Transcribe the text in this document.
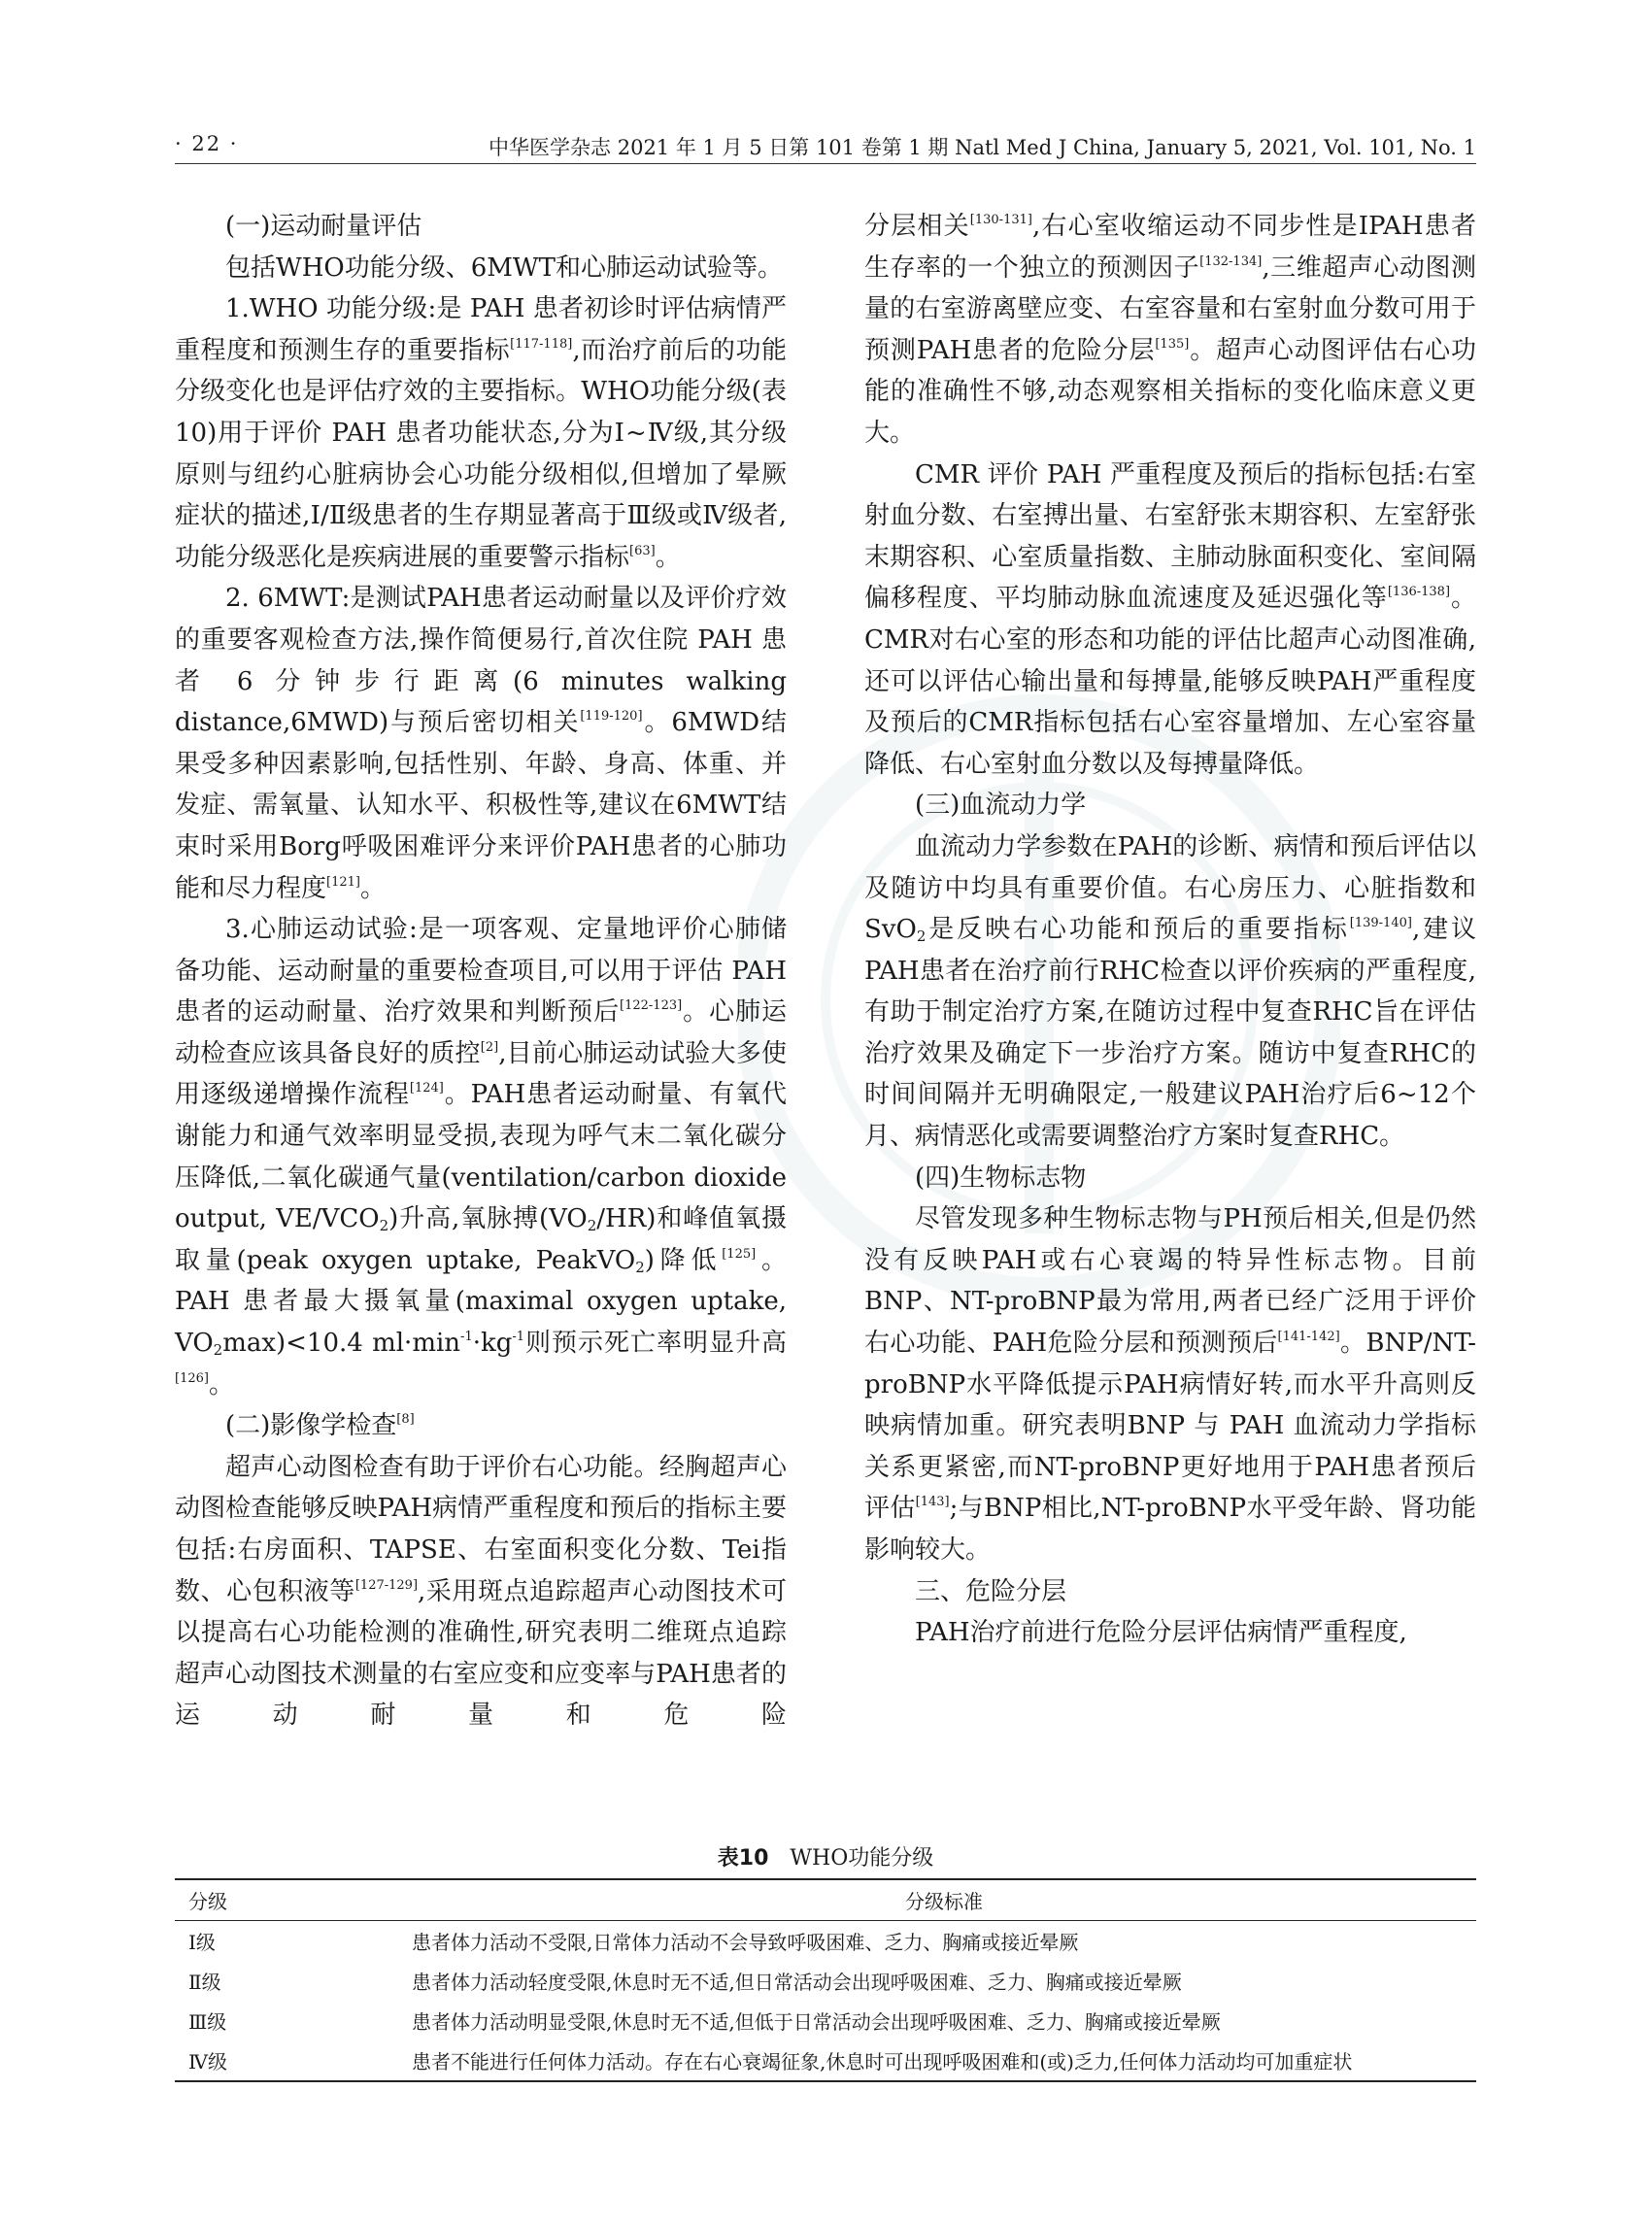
· 22 ·	中华医学杂志 2021 年 1 月 5 日第 101 卷第 1 期 Natl Med J China, January 5, 2021, Vol. 101, No. 1

(一)运动耐量评估

包括WHO功能分级、6MWT和心肺运动试验等。

1.WHO 功能分级:是 PAH 患者初诊时评估病情严重程度和预测生存的重要指标[117-118],而治疗前后的功能分级变化也是评估疗效的主要指标。WHO功能分级(表 10)用于评价 PAH 患者功能状态,分为Ⅰ~Ⅳ级,其分级原则与纽约心脏病协会心功能分级相似,但增加了晕厥症状的描述,Ⅰ/Ⅱ级患者的生存期显著高于Ⅲ级或Ⅳ级者,功能分级恶化是疾病进展的重要警示指标[63]。

2. 6MWT:是测试PAH患者运动耐量以及评价疗效的重要客观检查方法,操作简便易行,首次住院 PAH 患者 6 分钟步行距离(6 minutes walking distance,6MWD)与预后密切相关[119-120]。6MWD结果受多种因素影响,包括性别、年龄、身高、体重、并发症、需氧量、认知水平、积极性等,建议在6MWT结束时采用Borg呼吸困难评分来评价PAH患者的心肺功能和尽力程度[121]。

3.心肺运动试验:是一项客观、定量地评价心肺储备功能、运动耐量的重要检查项目,可以用于评估 PAH 患者的运动耐量、治疗效果和判断预后[122-123]。心肺运动检查应该具备良好的质控[2],目前心肺运动试验大多使用逐级递增操作流程[124]。PAH患者运动耐量、有氧代谢能力和通气效率明显受损,表现为呼气末二氧化碳分压降低,二氧化碳通气量(ventilation/carbon dioxide output, $VE/VCO_2$)升高,氧脉搏$(VO_2/HR)$和峰值氧摄取量(peak oxygen uptake, PeakVO$_2$)降低[125]。PAH 患者最大摄氧量(maximal oxygen uptake, $VO_2\max)<10.4$ $ml\cdot\min^{-1}\cdot kg^{-1}$则预示死亡率明显升高[126]。

(二)影像学检查[8]

超声心动图检查有助于评价右心功能。经胸超声心动图检查能够反映PAH病情严重程度和预后的指标主要包括:右房面积、TAPSE、右室面积变化分数、Tei指数、心包积液等[127-129],采用斑点追踪超声心动图技术可以提高右心功能检测的准确性,研究表明二维斑点追踪超声心动图技术测量的右室应变和应变率与PAH患者的运动耐量和危险

分层相关[130-131],右心室收缩运动不同步性是IPAH患者生存率的一个独立的预测因子[132-134],三维超声心动图测量的右室游离壁应变、右室容量和右室射血分数可用于预测PAH患者的危险分层[135]。超声心动图评估右心功能的准确性不够,动态观察相关指标的变化临床意义更大。

CMR 评价 PAH 严重程度及预后的指标包括:右室射血分数、右室搏出量、右室舒张末期容积、左室舒张末期容积、心室质量指数、主肺动脉面积变化、室间隔偏移程度、平均肺动脉血流速度及延迟强化等[136-138]。CMR对右心室的形态和功能的评估比超声心动图准确,还可以评估心输出量和每搏量,能够反映PAH严重程度及预后的CMR指标包括右心室容量增加、左心室容量降低、右心室射血分数以及每搏量降低。

(三)血流动力学

血流动力学参数在PAH的诊断、病情和预后评估以及随访中均具有重要价值。右心房压力、心脏指数和SvO$_2$是反映右心功能和预后的重要指标[139-140],建议PAH患者在治疗前行RHC检查以评价疾病的严重程度,有助于制定治疗方案,在随访过程中复查RHC旨在评估治疗效果及确定下一步治疗方案。随访中复查RHC的时间间隔并无明确限定,一般建议PAH治疗后6~12个月、病情恶化或需要调整治疗方案时复查RHC。

(四)生物标志物

尽管发现多种生物标志物与PH预后相关,但是仍然没有反映PAH或右心衰竭的特异性标志物。目前BNP、NT-proBNP最为常用,两者已经广泛用于评价右心功能、PAH危险分层和预测预后[141-142]。BNP/NT-proBNP水平降低提示PAH病情好转,而水平升高则反映病情加重。研究表明BNP 与 PAH 血流动力学指标关系更紧密,而NT-proBNP更好地用于PAH患者预后评估[143];与BNP相比,NT-proBNP水平受年龄、肾功能影响较大。

三、危险分层

PAH治疗前进行危险分层评估病情严重程度,

表10 WHO功能分级
分级	分级标准
Ⅰ级	患者体力活动不受限,日常体力活动不会导致呼吸困难、乏力、胸痛或接近晕厥
Ⅱ级	患者体力活动轻度受限,休息时无不适,但日常活动会出现呼吸困难、乏力、胸痛或接近晕厥
Ⅲ级	患者体力活动明显受限,休息时无不适,但低于日常活动会出现呼吸困难、乏力、胸痛或接近晕厥
Ⅳ级	患者不能进行任何体力活动。存在右心衰竭征象,休息时可出现呼吸困难和(或)乏力,任何体力活动均可加重症状
